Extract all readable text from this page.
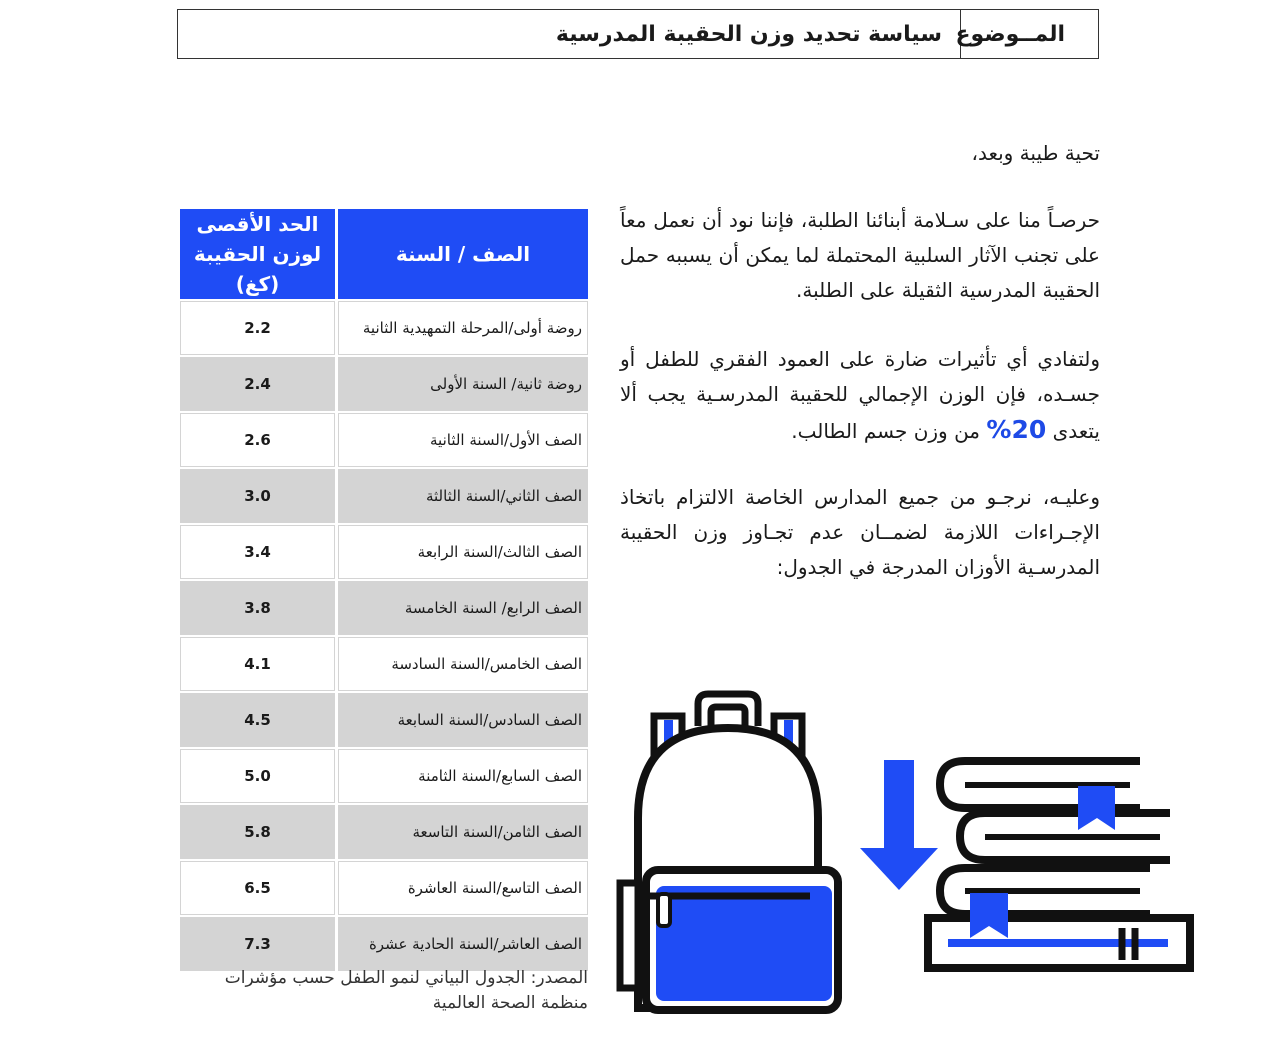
المــوضوع
سياسة تحديد وزن الحقيبة المدرسية
تحية طيبة وبعد،
حرصـاً منا على سـلامة أبنائنا الطلبة، فإننا نود أن نعمل معاً على تجنب الآثار السلبية المحتملة لما يمكن أن يسببه حمل الحقيبة المدرسية الثقيلة على الطلبة.
ولتفادي أي تأثيرات ضارة على العمود الفقري للطفل أو جسـده، فإن الوزن الإجمالي للحقيبة المدرسـية يجب ألا يتعدى 20% من وزن جسم الطالب.
وعليـه، نرجـو من جميع المدارس الخاصة الالتزام باتخاذ الإجـراءات اللازمة لضمــان عدم تجـاوز وزن الحقيبة المدرسـية الأوزان المدرجة في الجدول:
الصف / السنة	الحد الأقصى لوزن الحقيبة (كغ)
روضة أولى/المرحلة التمهيدية الثانية	2.2
روضة ثانية/ السنة الأولى	2.4
الصف الأول/السنة الثانية	2.6
الصف الثاني/السنة الثالثة	3.0
الصف الثالث/السنة الرابعة	3.4
الصف الرابع/ السنة الخامسة	3.8
الصف الخامس/السنة السادسة	4.1
الصف السادس/السنة السابعة	4.5
الصف السابع/السنة الثامنة	5.0
الصف الثامن/السنة التاسعة	5.8
الصف التاسع/السنة العاشرة	6.5
الصف العاشر/السنة الحادية عشرة	7.3
المصدر: الجدول البياني لنمو الطفل حسب مؤشرات منظمة الصحة العالمية
